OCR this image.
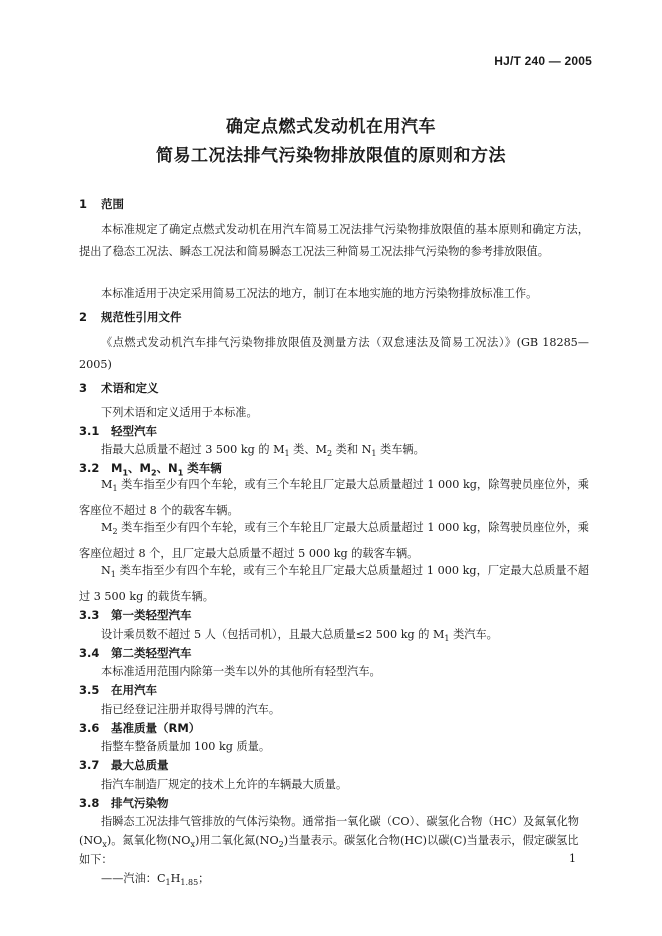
HJ/T 240 — 2005
确定点燃式发动机在用汽车
简易工况法排气污染物排放限值的原则和方法
1 范围
本标准规定了确定点燃式发动机在用汽车简易工况法排气污染物排放限值的基本原则和确定方法，提出了稳态工况法、瞬态工况法和简易瞬态工况法三种简易工况法排气污染物的参考排放限值。
本标准适用于决定采用简易工况法的地方，制订在本地实施的地方污染物排放标准工作。
2 规范性引用文件
《点燃式发动机汽车排气污染物排放限值及测量方法（双怠速法及简易工况法）》(GB 18285—2005)
3 术语和定义
下列术语和定义适用于本标准。
3.1 轻型汽车
指最大总质量不超过 3 500 kg 的 $M_1$ 类、$M_2$ 类和 $N_1$ 类车辆。
3.2 $M_1$、$M_2$、$N_1$ 类车辆
$M_1$ 类车指至少有四个车轮，或有三个车轮且厂定最大总质量超过 1 000 kg，除驾驶员座位外，乘客座位不超过 8 个的载客车辆。
$M_2$ 类车指至少有四个车轮，或有三个车轮且厂定最大总质量超过 1 000 kg，除驾驶员座位外，乘客座位超过 8 个，且厂定最大总质量不超过 5 000 kg 的载客车辆。
$N_1$ 类车指至少有四个车轮，或有三个车轮且厂定最大总质量超过 1 000 kg，厂定最大总质量不超过 3 500 kg 的载货车辆。
3.3 第一类轻型汽车
设计乘员数不超过 5 人（包括司机），且最大总质量≤2 500 kg 的 $M_1$ 类汽车。
3.4 第二类轻型汽车
本标准适用范围内除第一类车以外的其他所有轻型汽车。
3.5 在用汽车
指已经登记注册并取得号牌的汽车。
3.6 基准质量（RM）
指整车整备质量加 100 kg 质量。
3.7 最大总质量
指汽车制造厂规定的技术上允许的车辆最大质量。
3.8 排气污染物
指瞬态工况法排气管排放的气体污染物。通常指一氧化碳（CO）、碳氢化合物（HC）及氮氧化物
$(NO_x)$。氮氧化物$(NO_x)$用二氧化氮$(NO_2)$当量表示。碳氢化合物(HC)以碳(C)当量表示，假定碳氢比
如下：
——汽油：$C_1H_{1.85}$；
1
